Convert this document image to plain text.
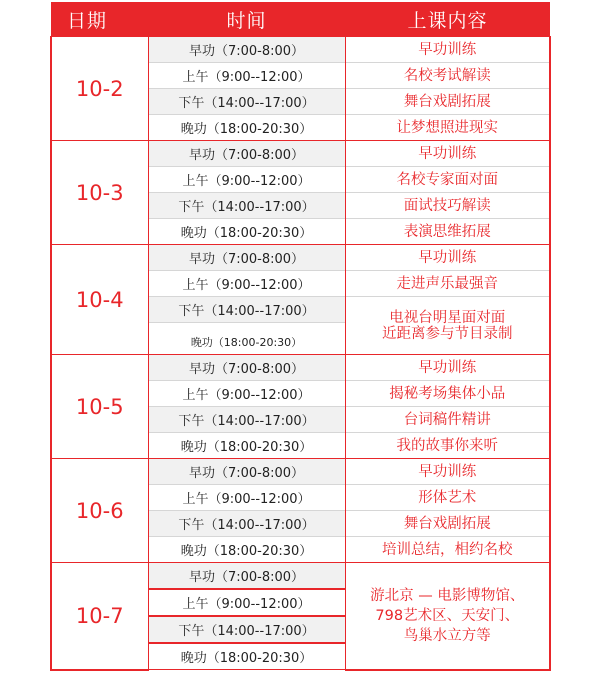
日期	时间	上课内容
10-2	早功（7:00-8:00）	早功训练
	上午（9:00--12:00）	名校考试解读
	下午（14:00--17:00）	舞台戏剧拓展
	晚功（18:00-20:30）	让梦想照进现实
10-3	早功（7:00-8:00）	早功训练
	上午（9:00--12:00）	名校专家面对面
	下午（14:00--17:00）	面试技巧解读
	晚功（18:00-20:30）	表演思维拓展
10-4	早功（7:00-8:00）	早功训练
	上午（9:00--12:00）	走进声乐最强音
	下午（14:00--17:00）	电视台明星面对面
近距离参与节目录制

	晚功（18:00-20:30）	
10-5	早功（7:00-8:00）	早功训练
	上午（9:00--12:00）	揭秘考场集体小品
	下午（14:00--17:00）	台词稿件精讲
	晚功（18:00-20:30）	我的故事你来听
10-6	早功（7:00-8:00）	早功训练
	上午（9:00--12:00）	形体艺术
	下午（14:00--17:00）	舞台戏剧拓展
	晚功（18:00-20:30）	培训总结，相约名校
10-7	早功（7:00-8:00）	游北京 — 电影博物馆、
798艺术区、天安门、
鸟巢水立方等

	上午（9:00--12:00）	
	下午（14:00--17:00）	
	晚功（18:00-20:30）	
